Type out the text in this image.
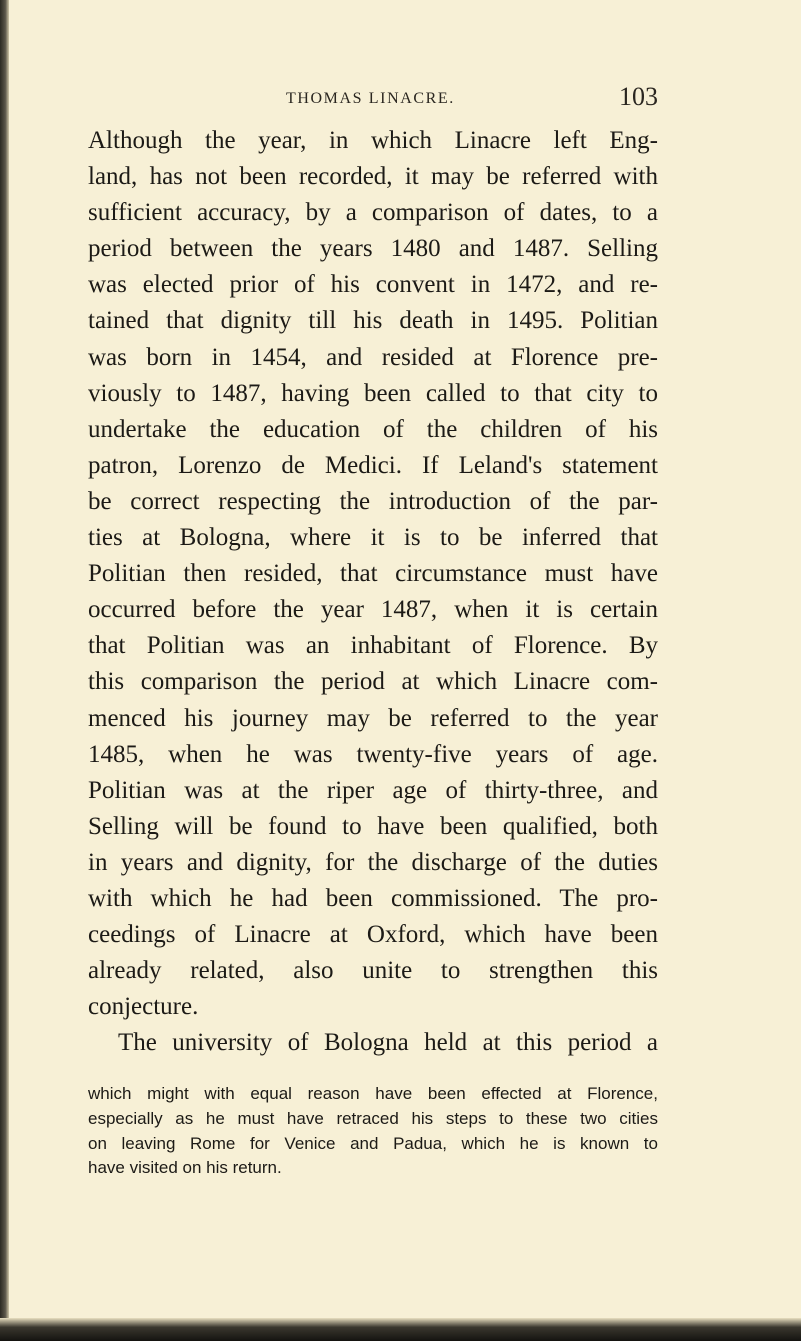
THOMAS LINACRE.	103
Although the year, in which Linacre left Eng-
land, has not been recorded, it may be referred with
sufficient accuracy, by a comparison of dates, to a
period between the years 1480 and 1487. Selling
was elected prior of his convent in 1472, and re-
tained that dignity till his death in 1495. Politian
was born in 1454, and resided at Florence pre-
viously to 1487, having been called to that city to
undertake the education of the children of his
patron, Lorenzo de Medici. If Leland's statement
be correct respecting the introduction of the par-
ties at Bologna, where it is to be inferred that
Politian then resided, that circumstance must have
occurred before the year 1487, when it is certain
that Politian was an inhabitant of Florence. By
this comparison the period at which Linacre com-
menced his journey may be referred to the year
1485, when he was twenty-five years of age.
Politian was at the riper age of thirty-three, and
Selling will be found to have been qualified, both
in years and dignity, for the discharge of the duties
with which he had been commissioned. The pro-
ceedings of Linacre at Oxford, which have been
already related, also unite to strengthen this
conjecture.
The university of Bologna held at this period a
which might with equal reason have been effected at Florence,
especially as he must have retraced his steps to these two cities
on leaving Rome for Venice and Padua, which he is known to
have visited on his return.
